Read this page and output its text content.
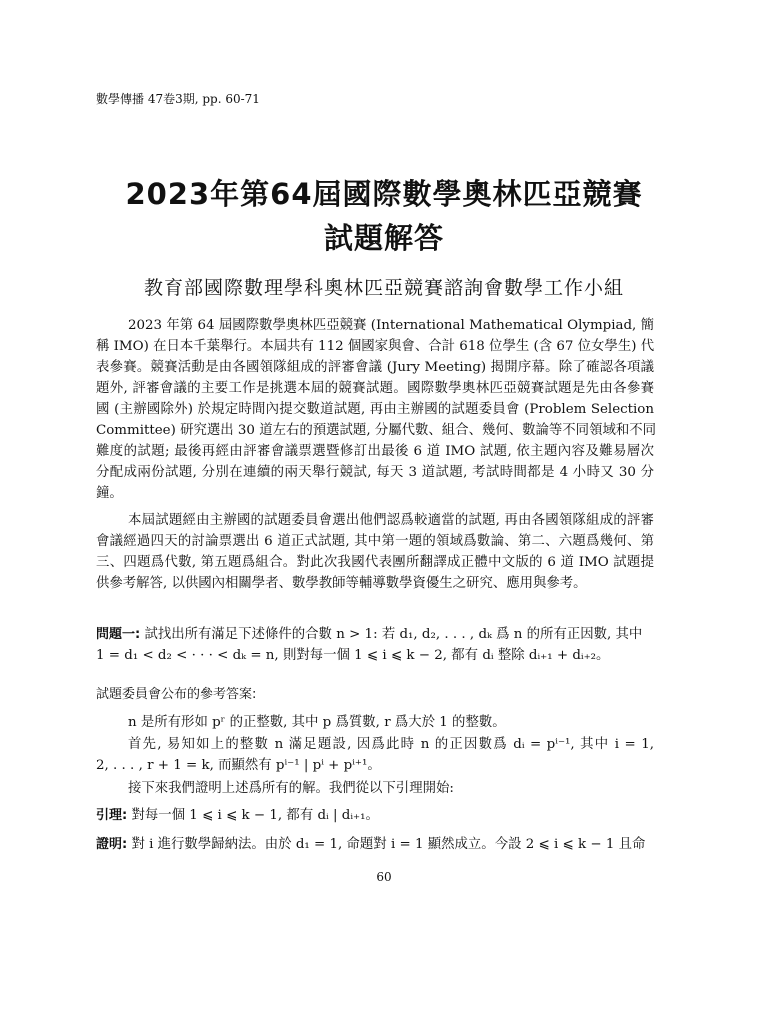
數學傳播 47卷3期, pp. 60-71
2023年第64屆國際數學奧林匹亞競賽
試題解答
教育部國際數理學科奧林匹亞競賽諮詢會數學工作小組
2023 年第 64 屆國際數學奧林匹亞競賽 (International Mathematical Olympiad, 簡
稱 IMO) 在日本千葉舉行。本屆共有 112 個國家與會、合計 618 位學生 (含 67 位女學生) 代
表參賽。競賽活動是由各國領隊組成的評審會議 (Jury Meeting) 揭開序幕。除了確認各項議
題外, 評審會議的主要工作是挑選本屆的競賽試題。國際數學奧林匹亞競賽試題是先由各參賽
國 (主辦國除外) 於規定時間內提交數道試題, 再由主辦國的試題委員會 (Problem Selection
Committee) 研究選出 30 道左右的預選試題, 分屬代數、組合、幾何、數論等不同領域和不同
難度的試題; 最後再經由評審會議票選暨修訂出最後 6 道 IMO 試題, 依主題內容及難易層次
分配成兩份試題, 分別在連續的兩天舉行競試, 每天 3 道試題, 考試時間都是 4 小時又 30 分
鐘。
本屆試題經由主辦國的試題委員會選出他們認爲較適當的試題, 再由各國領隊組成的評審
會議經過四天的討論票選出 6 道正式試題, 其中第一題的領域爲數論、第二、六題爲幾何、第
三、四題爲代數, 第五題爲組合。對此次我國代表團所翻譯成正體中文版的 6 道 IMO 試題提
供參考解答, 以供國內相關學者、數學教師等輔導數學資優生之研究、應用與參考。
問題一: 試找出所有滿足下述條件的合數 n > 1: 若 d₁, d₂, . . . , dₖ 爲 n 的所有正因數, 其中
1 = d₁ < d₂ < · · · < dₖ = n, 則對每一個 1 ⩽ i ⩽ k − 2, 都有 dᵢ 整除 dᵢ₊₁ + dᵢ₊₂。
試題委員會公布的參考答案:
n 是所有形如 pʳ 的正整數, 其中 p 爲質數, r 爲大於 1 的整數。
首先, 易知如上的整數 n 滿足題設, 因爲此時 n 的正因數爲 dᵢ = pⁱ⁻¹, 其中 i = 1,
2, . . . , r + 1 = k, 而顯然有 pⁱ⁻¹ | pⁱ + pⁱ⁺¹。
接下來我們證明上述爲所有的解。我們從以下引理開始:
引理: 對每一個 1 ⩽ i ⩽ k − 1, 都有 dᵢ | dᵢ₊₁。
證明: 對 i 進行數學歸納法。由於 d₁ = 1, 命題對 i = 1 顯然成立。今設 2 ⩽ i ⩽ k − 1 且命
60
